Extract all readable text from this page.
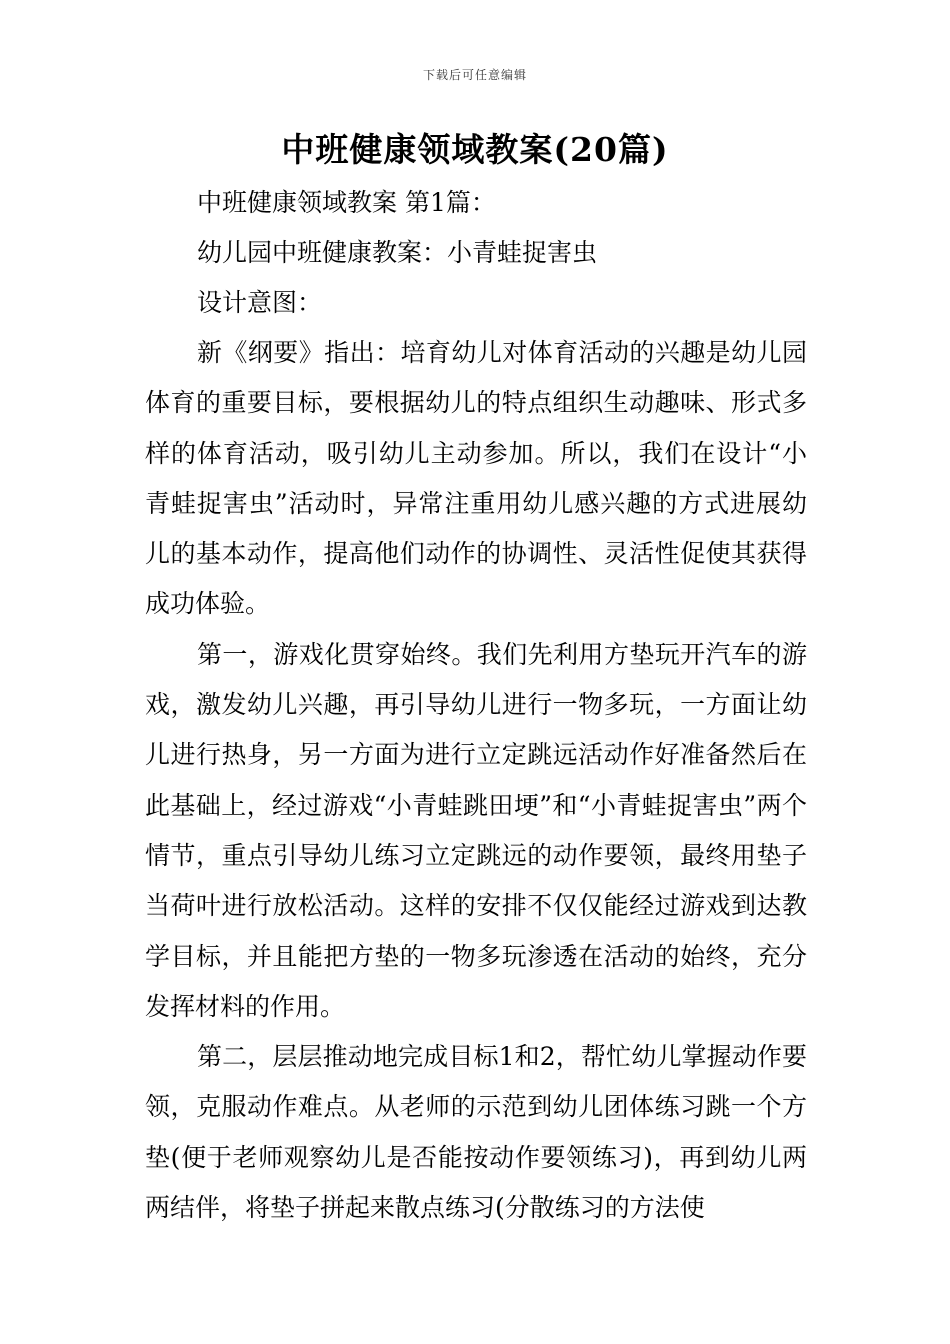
下载后可任意编辑
中班健康领域教案(20篇)

中班健康领域教案 第1篇：

幼儿园中班健康教案：小青蛙捉害虫

设计意图：

新《纲要》指出：培育幼儿对体育活动的兴趣是幼儿园体育的重要目标，要根据幼儿的特点组织生动趣味、形式多样的体育活动，吸引幼儿主动参加。所以，我们在设计“小青蛙捉害虫”活动时，异常注重用幼儿感兴趣的方式进展幼儿的基本动作，提高他们动作的协调性、灵活性促使其获得成功体验。

第一，游戏化贯穿始终。我们先利用方垫玩开汽车的游戏，激发幼儿兴趣，再引导幼儿进行一物多玩，一方面让幼儿进行热身，另一方面为进行立定跳远活动作好准备然后在此基础上，经过游戏“小青蛙跳田埂”和“小青蛙捉害虫”两个情节，重点引导幼儿练习立定跳远的动作要领，最终用垫子当荷叶进行放松活动。这样的安排不仅仅能经过游戏到达教学目标，并且能把方垫的一物多玩渗透在活动的始终，充分发挥材料的作用。

第二，层层推动地完成目标1和2，帮忙幼儿掌握动作要领，克服动作难点。从老师的示范到幼儿团体练习跳一个方垫(便于老师观察幼儿是否能按动作要领练习)，再到幼儿两两结伴，将垫子拼起来散点练习(分散练习的方法使
